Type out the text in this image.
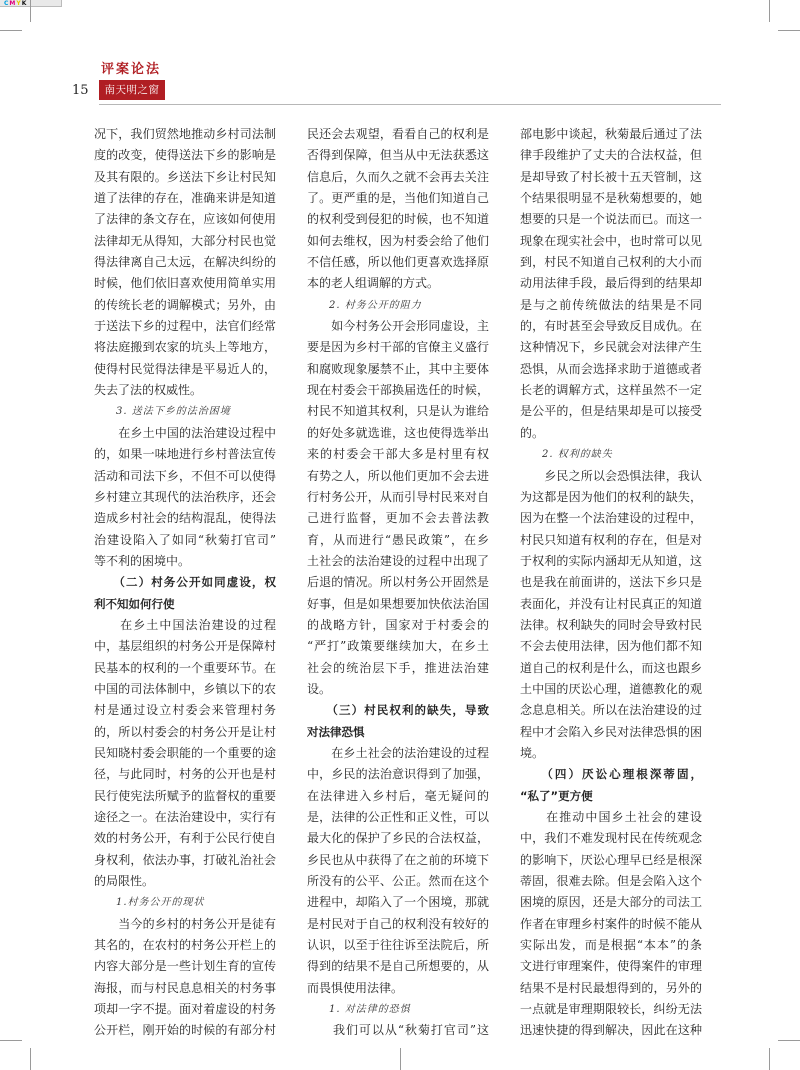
CMYK
评案论法
15	南天明之窗
况下，我们贸然地推动乡村司法制
度的改变，使得送法下乡的影响是
及其有限的。乡送法下乡让村民知
道了法律的存在，准确来讲是知道
了法律的条文存在，应该如何使用
法律却无从得知，大部分村民也觉
得法律离自己太远，在解决纠纷的
时候，他们依旧喜欢使用简单实用
的传统长老的调解模式；另外，由
于送法下乡的过程中，法官们经常
将法庭搬到农家的坑头上等地方，
使得村民觉得法律是平易近人的，
失去了法的权威性。
3. 送法下乡的法治困境
　　在乡土中国的法治建设过程中
的，如果一味地进行乡村普法宣传
活动和司法下乡，不但不可以使得
乡村建立其现代的法治秩序，还会
造成乡村社会的结构混乱，使得法
治建设陷入了如同“秋菊打官司”
等不利的困境中。
　　（二）村务公开如同虚设，权
利不知如何行使
　　在乡土中国法治建设的过程
中，基层组织的村务公开是保障村
民基本的权利的一个重要环节。在
中国的司法体制中，乡镇以下的农
村是通过设立村委会来管理村务
的，所以村委会的村务公开是让村
民知晓村委会职能的一个重要的途
径，与此同时，村务的公开也是村
民行使宪法所赋予的监督权的重要
途径之一。在法治建设中，实行有
效的村务公开，有利于公民行使自
身权利，依法办事，打破礼治社会
的局限性。
1.村务公开的现状
　　当今的乡村的村务公开是徒有
其名的，在农村的村务公开栏上的
内容大部分是一些计划生育的宣传
海报，而与村民息息相关的村务事
项却一字不提。面对着虚设的村务
公开栏，刚开始的时候的有部分村
民还会去观望，看看自己的权利是
否得到保障，但当从中无法获悉这
信息后，久而久之就不会再去关注
了。更严重的是，当他们知道自己
的权利受到侵犯的时候，也不知道
如何去维权，因为村委会给了他们
不信任感，所以他们更喜欢选择原
本的老人组调解的方式。
2. 村务公开的阻力
　　如今村务公开会形同虚设，主
要是因为乡村干部的官僚主义盛行
和腐败现象屡禁不止，其中主要体
现在村委会干部换届选任的时候，
村民不知道其权利，只是认为谁给
的好处多就选谁，这也使得选举出
来的村委会干部大多是村里有权
有势之人，所以他们更加不会去进
行村务公开，从而引导村民来对自
己进行监督，更加不会去普法教
育，从而进行“愚民政策”，在乡
土社会的法治建设的过程中出现了
后退的情况。所以村务公开固然是
好事，但是如果想要加快依法治国
的战略方针，国家对于村委会的
“严打”政策要继续加大，在乡土
社会的统治层下手，推进法治建
设。
　　（三）村民权利的缺失，导致
对法律恐惧
　　在乡土社会的法治建设的过程
中，乡民的法治意识得到了加强，
在法律进入乡村后，毫无疑问的
是，法律的公正性和正义性，可以
最大化的保护了乡民的合法权益，
乡民也从中获得了在之前的环境下
所没有的公平、公正。然而在这个
进程中，却陷入了一个困境，那就
是村民对于自己的权利没有较好的
认识，以至于往往诉至法院后，所
得到的结果不是自己所想要的，从
而畏惧使用法律。
1. 对法律的恐惧
　　我们可以从“秋菊打官司”这
部电影中谈起，秋菊最后通过了法
律手段维护了丈夫的合法权益，但
是却导致了村长被十五天管制，这
个结果很明显不是秋菊想要的，她
想要的只是一个说法而已。而这一
现象在现实社会中，也时常可以见
到，村民不知道自己权利的大小而
动用法律手段，最后得到的结果却
是与之前传统做法的结果是不同
的，有时甚至会导致反目成仇。在
这种情况下，乡民就会对法律产生
恐惧，从而会选择求助于道德或者
长老的调解方式，这样虽然不一定
是公平的，但是结果却是可以接受
的。
2. 权利的缺失
　　乡民之所以会恐惧法律，我认
为这都是因为他们的权利的缺失，
因为在整一个法治建设的过程中，
村民只知道有权利的存在，但是对
于权利的实际内涵却无从知道，这
也是我在前面讲的，送法下乡只是
表面化，并没有让村民真正的知道
法律。权利缺失的同时会导致村民
不会去使用法律，因为他们都不知
道自己的权利是什么，而这也跟乡
土中国的厌讼心理，道德教化的观
念息息相关。所以在法治建设的过
程中才会陷入乡民对法律恐惧的困
境。
　　（四）厌讼心理根深蒂固，
“私了”更方便
　　在推动中国乡土社会的建设
中，我们不难发现村民在传统观念
的影响下，厌讼心理早已经是根深
蒂固，很难去除。但是会陷入这个
困境的原因，还是大部分的司法工
作者在审理乡村案件的时候不能从
实际出发，而是根据“本本”的条
文进行审理案件，使得案件的审理
结果不是村民最想得到的，另外的
一点就是审理期限较长，纠纷无法
迅速快捷的得到解决，因此在这种
